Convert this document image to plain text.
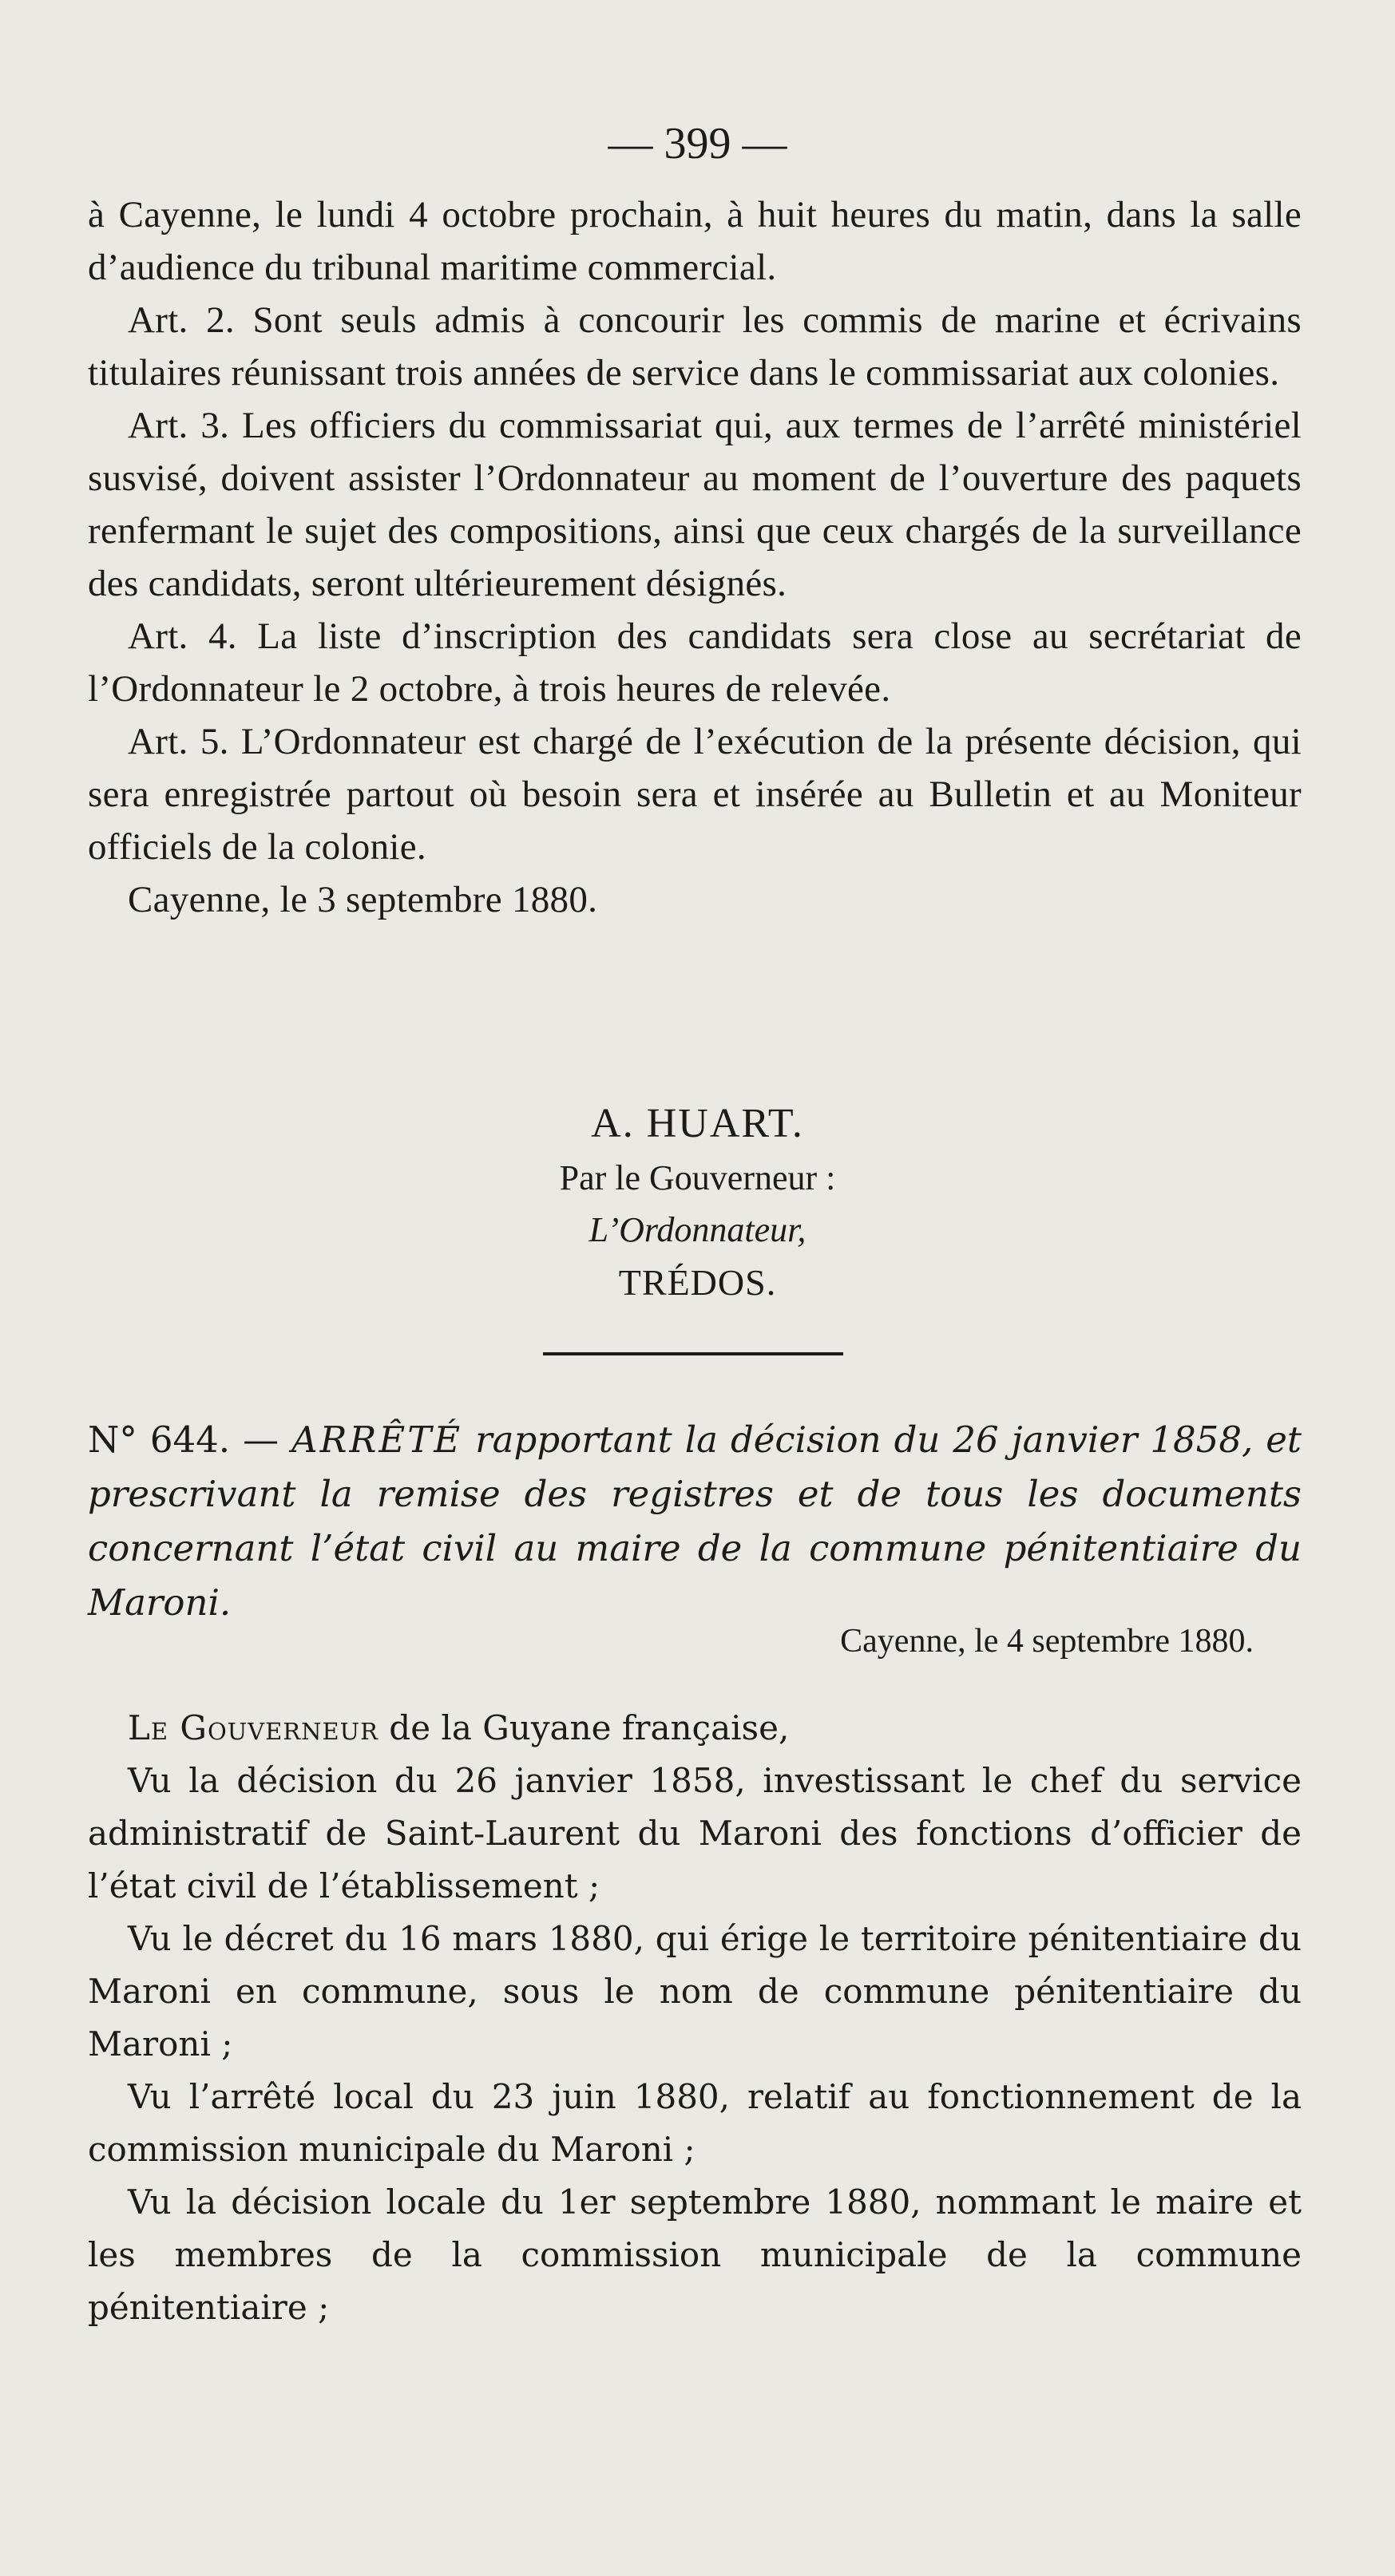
— 399 —

à Cayenne, le lundi 4 octobre prochain, à huit heures du matin, dans la salle d’audience du tribunal maritime commercial.

Art. 2. Sont seuls admis à concourir les commis de marine et écrivains titulaires réunissant trois années de service dans le commissariat aux colonies.

Art. 3. Les officiers du commissariat qui, aux termes de l’arrêté ministériel susvisé, doivent assister l’Ordonnateur au moment de l’ouverture des paquets renfermant le sujet des compositions, ainsi que ceux chargés de la surveillance des candidats, seront ultérieurement désignés.

Art. 4. La liste d’inscription des candidats sera close au secrétariat de l’Ordonnateur le 2 octobre, à trois heures de relevée.

Art. 5. L’Ordonnateur est chargé de l’exécution de la présente décision, qui sera enregistrée partout où besoin sera et insérée au Bulletin et au Moniteur officiels de la colonie.

Cayenne, le 3 septembre 1880.

A. HUART.
Par le Gouverneur :
L’Ordonnateur,
TRÉDOS.
N° 644. — ARRÊTÉ rapportant la décision du 26 janvier 1858, et prescrivant la remise des registres et de tous les documents concernant l’état civil au maire de la commune pénitentiaire du Maroni.
Cayenne, le 4 septembre 1880.

Le Gouverneur de la Guyane française,

Vu la décision du 26 janvier 1858, investissant le chef du service administratif de Saint-Laurent du Maroni des fonctions d’officier de l’état civil de l’établissement ;

Vu le décret du 16 mars 1880, qui érige le territoire pénitentiaire du Maroni en commune, sous le nom de commune pénitentiaire du Maroni ;

Vu l’arrêté local du 23 juin 1880, relatif au fonctionnement de la commission municipale du Maroni ;

Vu la décision locale du 1er septembre 1880, nommant le maire et les membres de la commission municipale de la commune pénitentiaire ;
